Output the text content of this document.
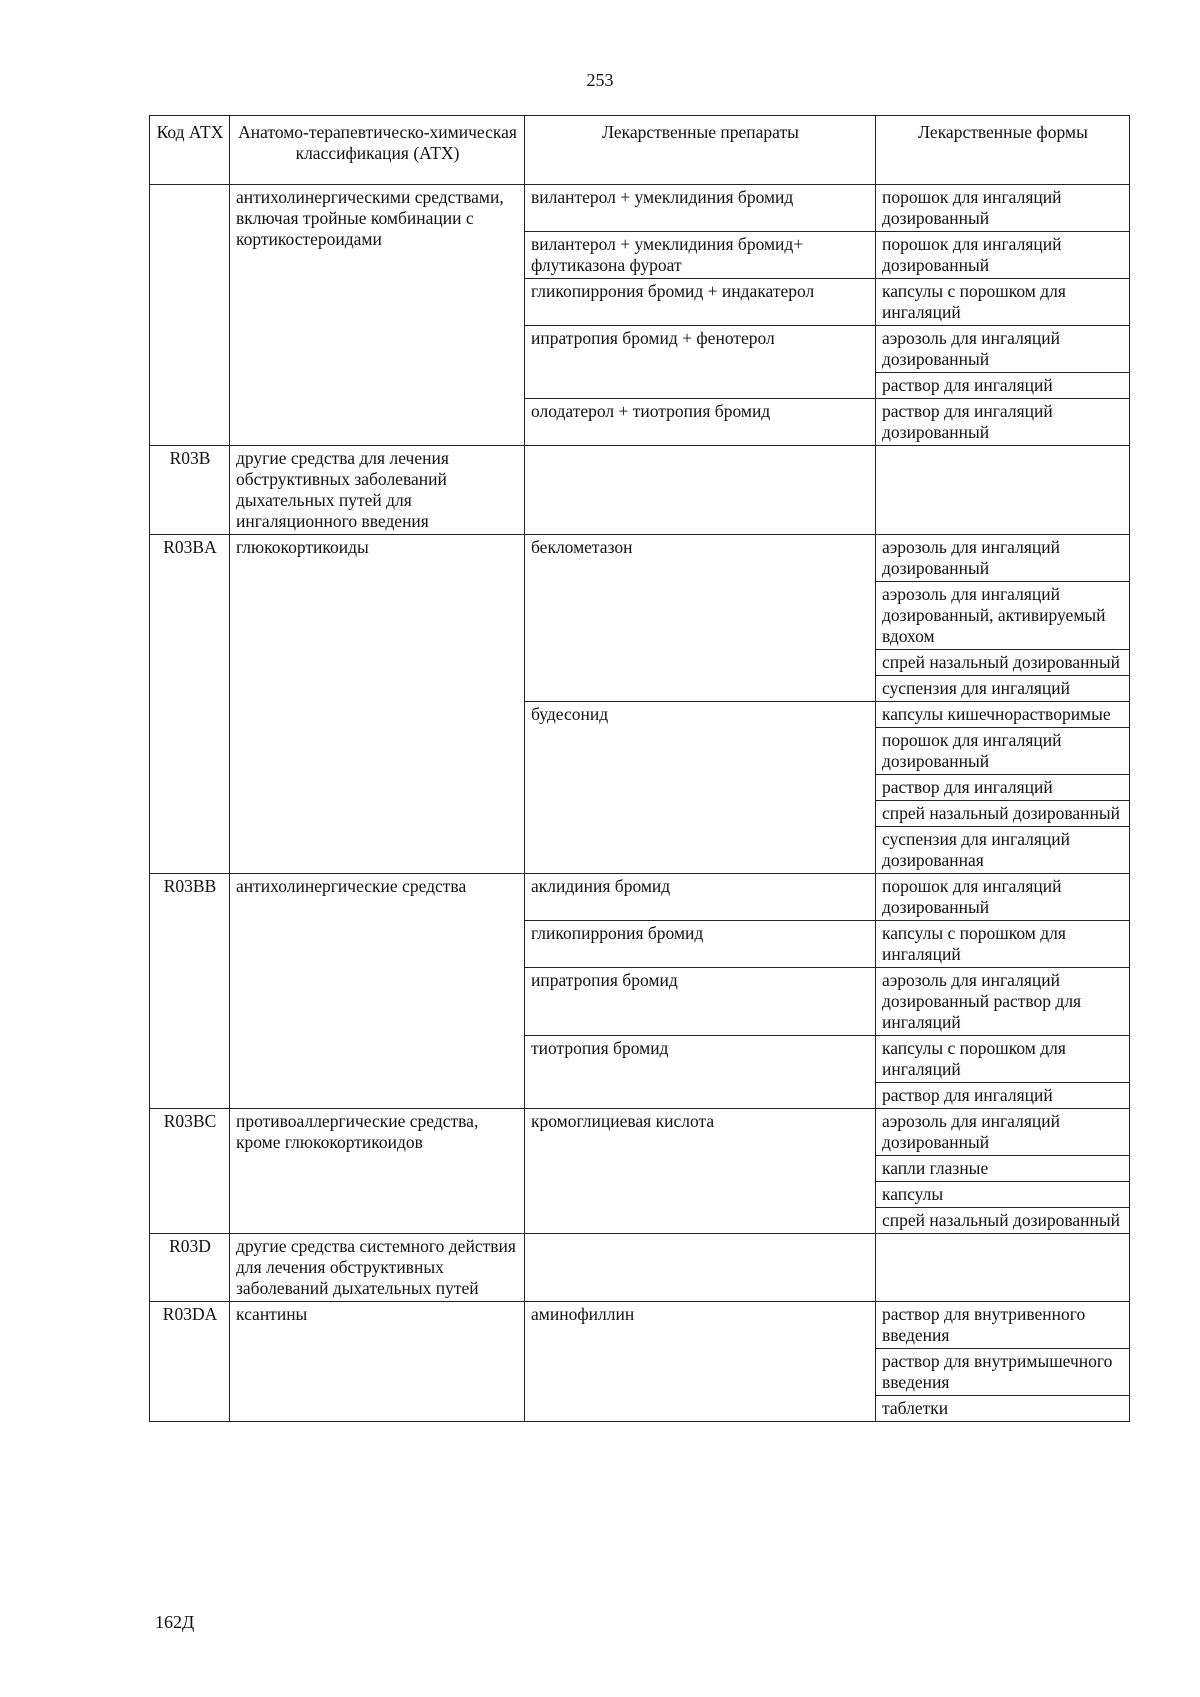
253
Код АТХ	Анатомо-терапевтическо-химическая классификация (АТХ)	Лекарственные препараты	Лекарственные формы
	антихолинергическими средствами, включая тройные комбинации с кортикостероидами	вилантерол + умеклидиния бромид	порошок для ингаляций дозированный
		вилантерол + умеклидиния бромид+ флутиказона фуроат	порошок для ингаляций дозированный
		гликопиррония бромид + индакатерол	капсулы с порошком для ингаляций
		ипратропия бромид + фенотерол	аэрозоль для ингаляций дозированный
			раствор для ингаляций
		олодатерол + тиотропия бромид	раствор для ингаляций дозированный
R03B	другие средства для лечения обструктивных заболеваний дыхательных путей для ингаляционного введения		
R03BA	глюкокортикоиды	беклометазон	аэрозоль для ингаляций дозированный
			аэрозоль для ингаляций дозированный, активируемый вдохом
			спрей назальный дозированный
			суспензия для ингаляций
		будесонид	капсулы кишечнорастворимые
			порошок для ингаляций дозированный
			раствор для ингаляций
			спрей назальный дозированный
			суспензия для ингаляций дозированная
R03BB	антихолинергические средства	аклидиния бромид	порошок для ингаляций дозированный
		гликопиррония бромид	капсулы с порошком для ингаляций
		ипратропия бромид	аэрозоль для ингаляций дозированный раствор для ингаляций
		тиотропия бромид	капсулы с порошком для ингаляций
			раствор для ингаляций
R03BC	противоаллергические средства, кроме глюкокортикоидов	кромоглициевая кислота	аэрозоль для ингаляций дозированный
			капли глазные
			капсулы
			спрей назальный дозированный
R03D	другие средства системного действия для лечения обструктивных заболеваний дыхательных путей		
R03DA	ксантины	аминофиллин	раствор для внутривенного введения
			раствор для внутримышечного введения
			таблетки
162Д
